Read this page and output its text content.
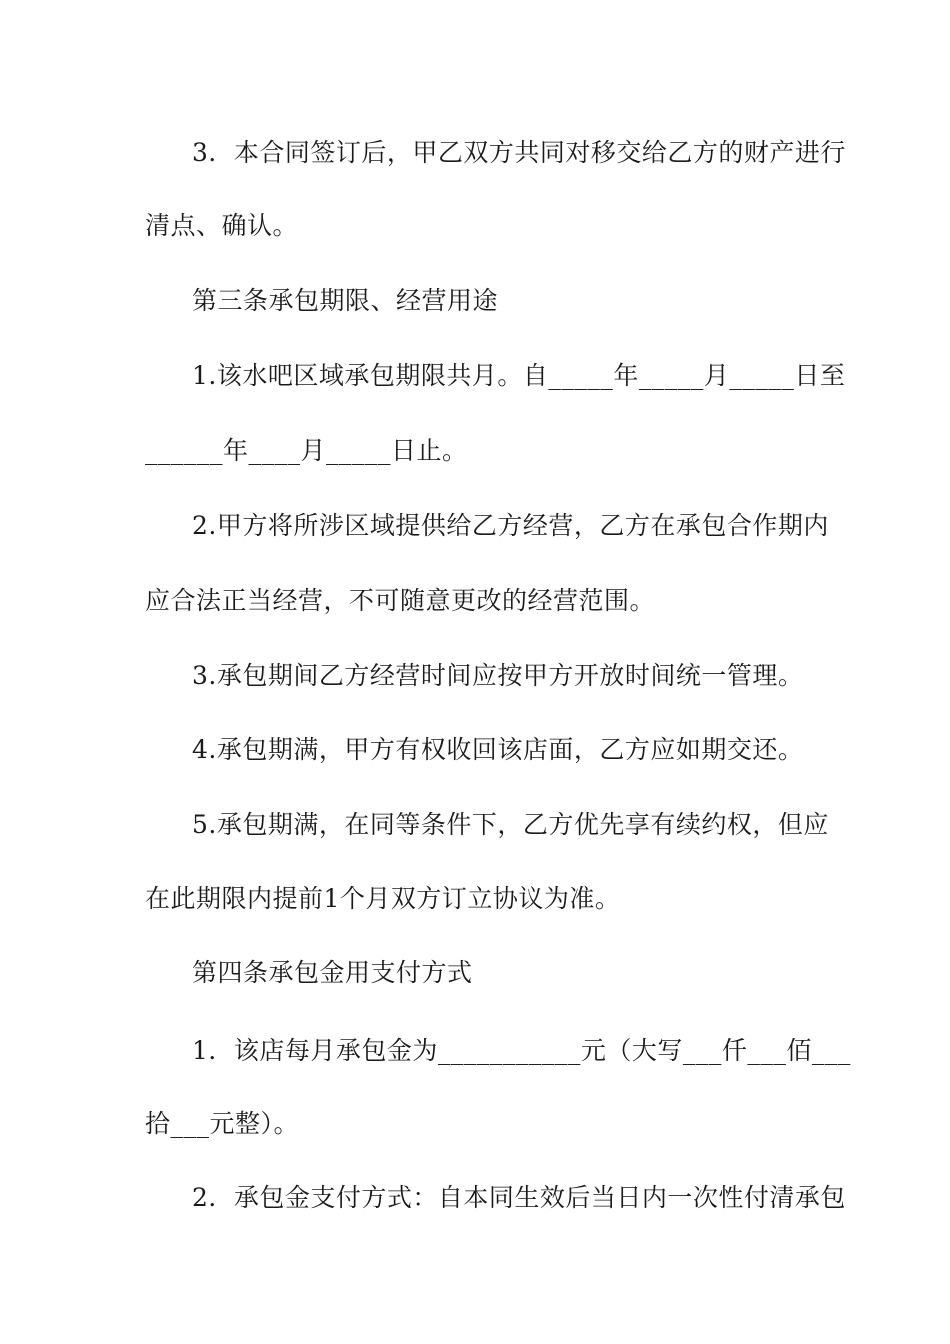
3．本合同签订后，甲乙双方共同对移交给乙方的财产进行
清点、确认。
第三条承包期限、经营用途
1.该水吧区域承包期限共月。自_____年_____月_____日至
______年____月_____日止。
2.甲方将所涉区域提供给乙方经营，乙方在承包合作期内
应合法正当经营，不可随意更改的经营范围。
3.承包期间乙方经营时间应按甲方开放时间统一管理。
4.承包期满，甲方有权收回该店面，乙方应如期交还。
5.承包期满，在同等条件下，乙方优先享有续约权，但应
在此期限内提前1个月双方订立协议为准。
第四条承包金用支付方式
1．该店每月承包金为___________元（大写___仟___佰___
拾___元整）。
2．承包金支付方式：自本同生效后当日内一次性付清承包
